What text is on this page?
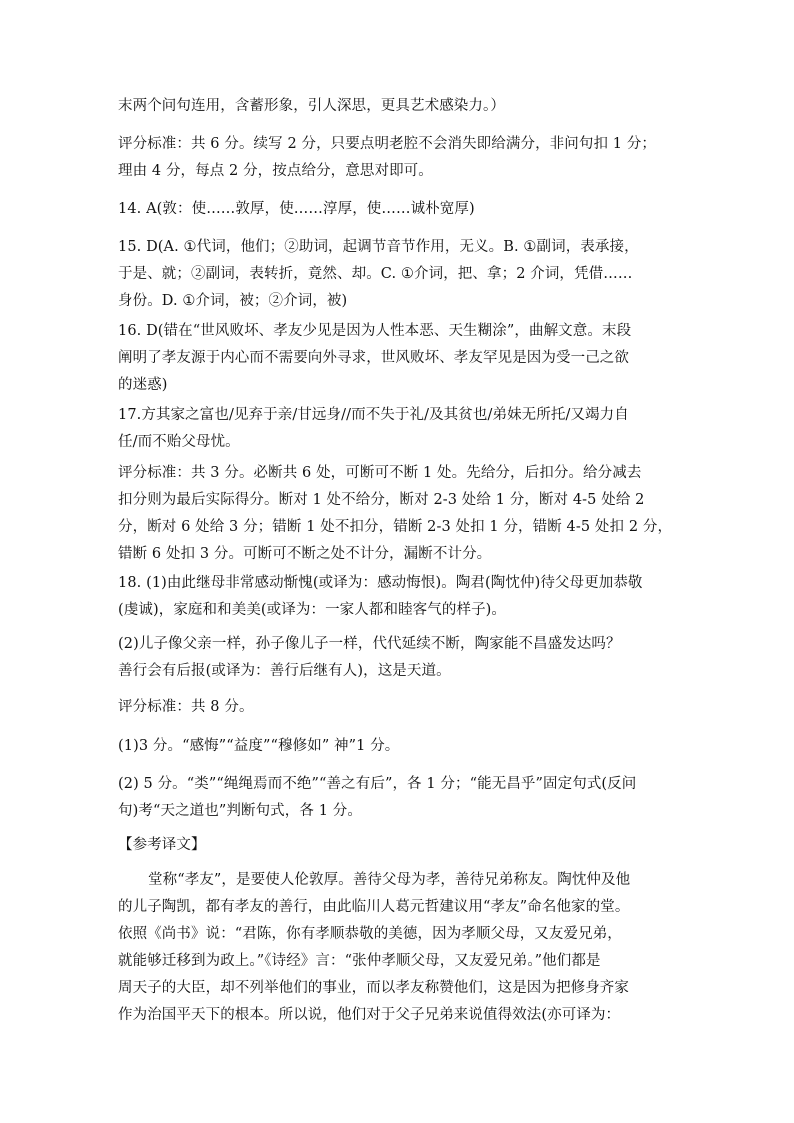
末两个问句连用，含蓄形象，引人深思，更具艺术感染力。）

评分标准：共 6 分。续写 2 分，只要点明老腔不会消失即给满分，非问句扣 1 分；
理由 4 分，每点 2 分，按点给分，意思对即可。

14. A(敦：使……敦厚，使……淳厚，使……诚朴宽厚)

15. D(A. ①代词，他们；②助词，起调节音节作用，无义。B. ①副词，表承接，
于是、就；②副词，表转折，竟然、却。C. ①介词，把、拿；2 介词，凭借……
身份。D. ①介词，被；②介词，被)

16. D(错在“世风败坏、孝友少见是因为人性本恶、天生糊涂”，曲解文意。末段
阐明了孝友源于内心而不需要向外寻求，世风败坏、孝友罕见是因为受一己之欲
的迷惑)

17.方其家之富也/见弃于亲/甘远身//而不失于礼/及其贫也/弟妹无所托/又竭力自
任/而不贻父母忧。

评分标准：共 3 分。必断共 6 处，可断可不断 1 处。先给分，后扣分。给分减去
扣分则为最后实际得分。断对 1 处不给分，断对 2-3 处给 1 分，断对 4-5 处给 2
分，断对 6 处给 3 分；错断 1 处不扣分，错断 2-3 处扣 1 分，错断 4-5 处扣 2 分，
错断 6 处扣 3 分。可断可不断之处不计分，漏断不计分。

18. (1)由此继母非常感动惭愧(或译为：感动悔恨)。陶君(陶忱仲)待父母更加恭敬
(虔诚)，家庭和和美美(或译为：一家人都和睦客气的样子)。

(2)儿子像父亲一样，孙子像儿子一样，代代延续不断，陶家能不昌盛发达吗？
善行会有后报(或译为：善行后继有人)，这是天道。

评分标准：共 8 分。

(1)3 分。“感悔”“益度”“穆修如” 神”1 分。

(2) 5 分。“类”“绳绳焉而不绝”“善之有后”，各 1 分；“能无昌乎”固定句式(反问
句)考“天之道也”判断句式，各 1 分。

【参考译文】

堂称“孝友”，是要使人伦敦厚。善待父母为孝，善待兄弟称友。陶忱仲及他
的儿子陶凯，都有孝友的善行，由此临川人葛元哲建议用“孝友”命名他家的堂。
依照《尚书》说：“君陈，你有孝顺恭敬的美德，因为孝顺父母，又友爱兄弟，
就能够迁移到为政上。”《诗经》言：“张仲孝顺父母，又友爱兄弟。”他们都是
周天子的大臣，却不列举他们的事业，而以孝友称赞他们，这是因为把修身齐家
作为治国平天下的根本。所以说，他们对于父子兄弟来说值得效法(亦可译为：
